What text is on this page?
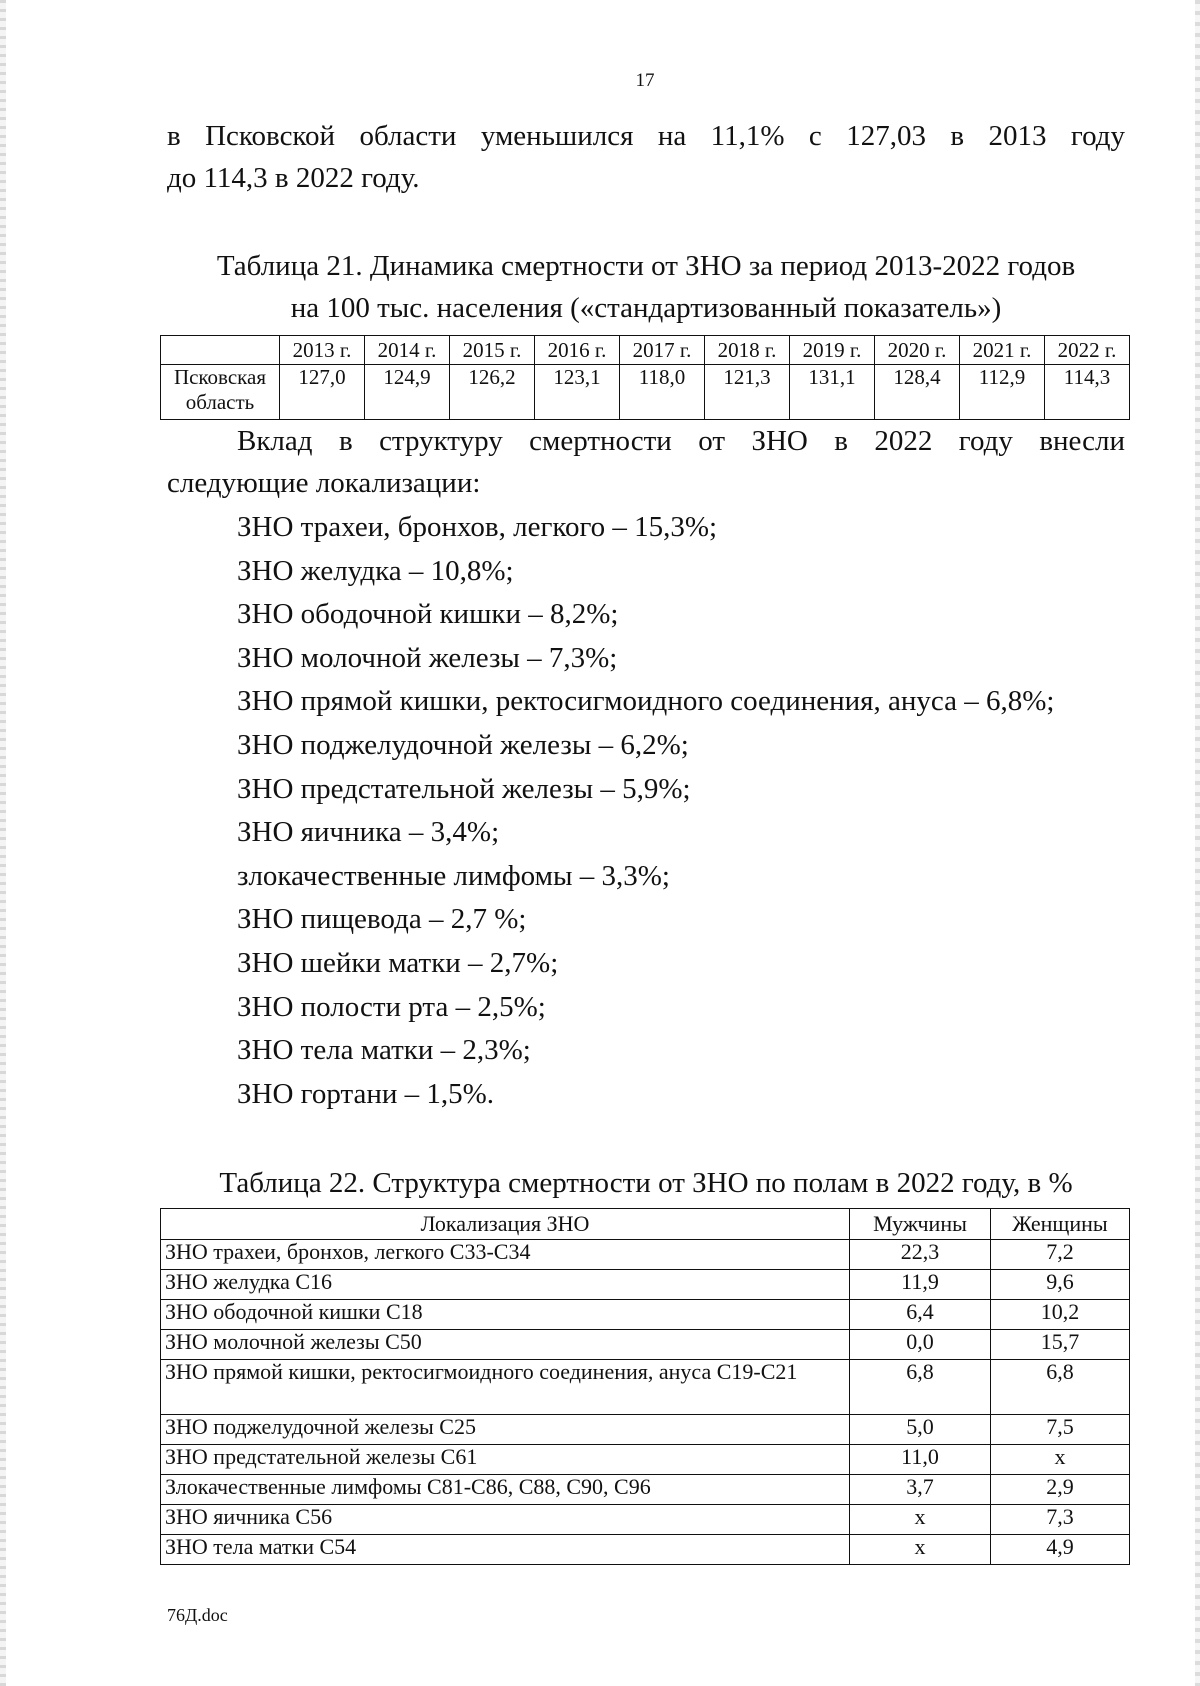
17
в Псковской области уменьшился на 11,1% с 127,03 в 2013 году
до 114,3 в 2022 году.
Таблица 21. Динамика смертности от ЗНО за период 2013-2022 годов
на 100 тыс. населения («стандартизованный показатель»)
	2013 г.	2014 г.	2015 г.	2016 г.	2017 г.	2018 г.	2019 г.	2020 г.	2021 г.	2022 г.
Псковская область	127,0	124,9	126,2	123,1	118,0	121,3	131,1	128,4	112,9	114,3
Вклад в структуру смертности от ЗНО в 2022 году внесли
следующие локализации:
ЗНО трахеи, бронхов, легкого – 15,3%;
ЗНО желудка – 10,8%;
ЗНО ободочной кишки – 8,2%;
ЗНО молочной железы – 7,3%;
ЗНО прямой кишки, ректосигмоидного соединения, ануса – 6,8%;
ЗНО поджелудочной железы – 6,2%;
ЗНО предстательной железы – 5,9%;
ЗНО яичника – 3,4%;
злокачественные лимфомы – 3,3%;
ЗНО пищевода – 2,7 %;
ЗНО шейки матки – 2,7%;
ЗНО полости рта – 2,5%;
ЗНО тела матки – 2,3%;
ЗНО гортани – 1,5%.
Таблица 22. Структура смертности от ЗНО по полам в 2022 году, в %
Локализация ЗНО	Мужчины	Женщины
ЗНО трахеи, бронхов, легкого С33-С34	22,3	7,2
ЗНО желудка С16	11,9	9,6
ЗНО ободочной кишки С18	6,4	10,2
ЗНО молочной железы С50	0,0	15,7
ЗНО прямой кишки, ректосигмоидного соединения, ануса С19-С21	6,8	6,8
ЗНО поджелудочной железы С25	5,0	7,5
ЗНО предстательной железы С61	11,0	х
Злокачественные лимфомы С81-С86, С88, С90, С96	3,7	2,9
ЗНО яичника С56	х	7,3
ЗНО тела матки С54	х	4,9
76Д.doc
